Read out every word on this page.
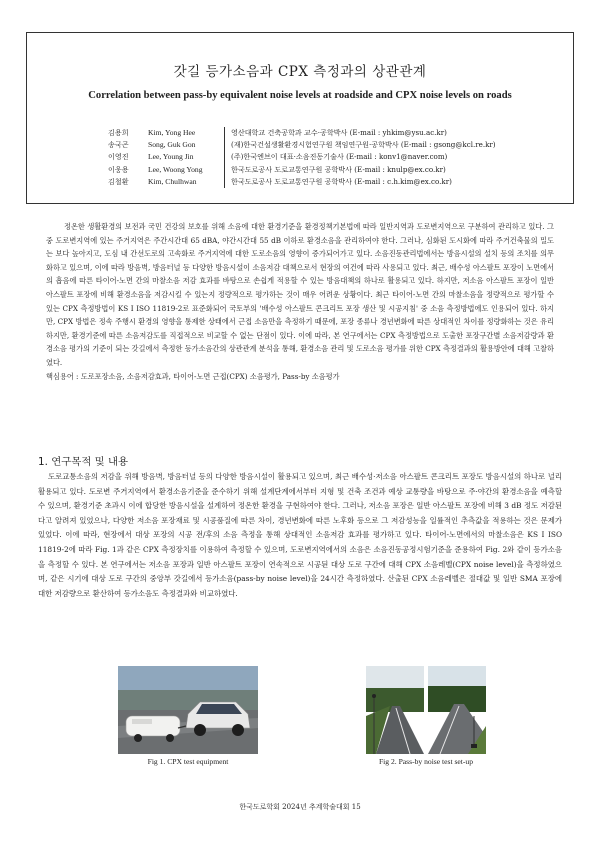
갓길 등가소음과 CPX 측정과의 상관관계
Correlation between pass-by equivalent noise levels at roadside and CPX noise levels on roads
김용희	Kim, Yong Hee	영산대학교 건축공학과 교수·공학박사 (E-mail : yhkim@ysu.ac.kr)
송국곤	Song, Guk Gon	(재)한국건설생활환경시험연구원 책임연구원·공학박사 (E-mail : gsong@kcl.re.kr)
이영진	Lee, Young Jin	(주)한국엔브이 대표·소음진동기술사 (E-mail : konv1@naver.com)
이웅용	Lee, Woong Yong	한국도로공사 도로교통연구원 공학박사 (E-mail : knulp@ex.co.kr)
김철환	Kim, Chulhwan	한국도로공사 도로교통연구원 공학박사 (E-mail : c.h.kim@ex.co.kr)

정온한 생활환경의 보전과 국민 건강의 보호를 위해 소음에 대한 환경기준을 환경정책기본법에 따라 일반지역과 도로변지역으로 구분하여 관리하고 있다. 그 중 도로변지역에 있는 주거지역은 주간시간대 65 dBA, 야간시간대 55 dB 이하로 환경소음을 관리하여야 한다. 그러나, 심화된 도시화에 따라 주거건축물의 밀도는 보다 높아지고, 도심 내 간선도로의 고속화로 주거지역에 대한 도로소음의 영향이 증가되어가고 있다. 소음진동관리법에서는 방음시설의 설치 등의 조치를 의무화하고 있으며, 이에 따라 방음벽, 방음터널 등 다양한 방음시설이 소음저감 대책으로서 현장의 여건에 따라 사용되고 있다. 최근, 배수성 아스팔트 포장이 노면에서의 흡음에 따른 타이어-노면 간의 마찰소음 저감 효과를 바탕으로 손쉽게 적용할 수 있는 방음대책의 하나로 활용되고 있다. 하지만, 저소음 아스팔트 포장이 일반 아스팔트 포장에 비해 환경소음을 저감시킬 수 있는지 정량적으로 평가하는 것이 매우 어려운 상황이다. 최근 타이어-노면 간의 마찰소음을 정량적으로 평가할 수 있는 CPX 측정방법이 KS I ISO 11819-2로 표준화되어 국토부의 '배수성 아스팔트 콘크리트 포장 생산 및 시공지침' 중 소음 측정방법에도 인용되어 있다. 하지만, CPX 방법은 정속 주행시 환경의 영향을 통제한 상태에서 근접 소음만을 측정하기 때문에, 포장 종류나 경년변화에 따른 상대적인 차이를 정량화하는 것은 유리하지만, 환경기준에 따른 소음저감도를 직접적으로 비교할 수 없는 단점이 있다. 이에 따라, 본 연구에서는 CPX 측정방법으로 도출한 포장구간별 소음저감량과 환경소음 평가의 기준이 되는 갓길에서 측정한 등가소음간의 상관관계 분석을 통해, 환경소음 관리 및 도로소음 평가를 위한 CPX 측정결과의 활용방안에 대해 고찰하였다.

핵심용어 : 도로포장소음, 소음저감효과, 타이어-노면 근접(CPX) 소음평가, Pass-by 소음평가
1. 연구목적 및 내용

도로교통소음의 저감을 위해 방음벽, 방음터널 등의 다양한 방음시설이 활용되고 있으며, 최근 배수성·저소음 아스팔트 콘크리트 포장도 방음시설의 하나로 널리 활용되고 있다. 도로변 주거지역에서 환경소음기준을 준수하기 위해 설계단계에서부터 지형 및 건축 조건과 예상 교통량을 바탕으로 주·야간의 환경소음을 예측할 수 있으며, 환경기준 초과시 이에 합당한 방음시설을 설계하여 정온한 환경을 구현하여야 한다. 그러나, 저소음 포장은 일반 아스팔트 포장에 비해 3 dB 정도 저감된다고 알려져 있었으나, 다양한 저소음 포장재료 및 시공품질에 따른 차이, 경년변화에 따른 노후화 등으로 그 저감성능을 일률적인 추측값을 적용하는 것은 문제가 있었다. 이에 따라, 현장에서 대상 포장의 시공 전/후의 소음 측정을 통해 상대적인 소음저감 효과를 평가하고 있다. 타이어-노면에서의 마찰소음은 KS I ISO 11819-2에 따라 Fig. 1과 같은 CPX 측정장치를 이용하여 측정할 수 있으며, 도로변지역에서의 소음은 소음진동공정시험기준을 준용하여 Fig. 2와 같이 등가소음을 측정할 수 있다. 본 연구에서는 저소음 포장과 일반 아스팔트 포장이 연속적으로 시공된 대상 도로 구간에 대해 CPX 소음레벨(CPX noise level)을 측정하였으며, 같은 시기에 대상 도로 구간의 중앙부 갓길에서 등가소음(pass-by noise level)을 24시간 측정하였다. 산출된 CPX 소음레벨은 절대값 및 일반 SMA 포장에 대한 저감량으로 환산하여 등가소음도 측정결과와 비교하였다.

Fig 1. CPX test equipment	Fig 2. Pass-by noise test set-up
한국도로학회 2024년 추계학술대회 15
